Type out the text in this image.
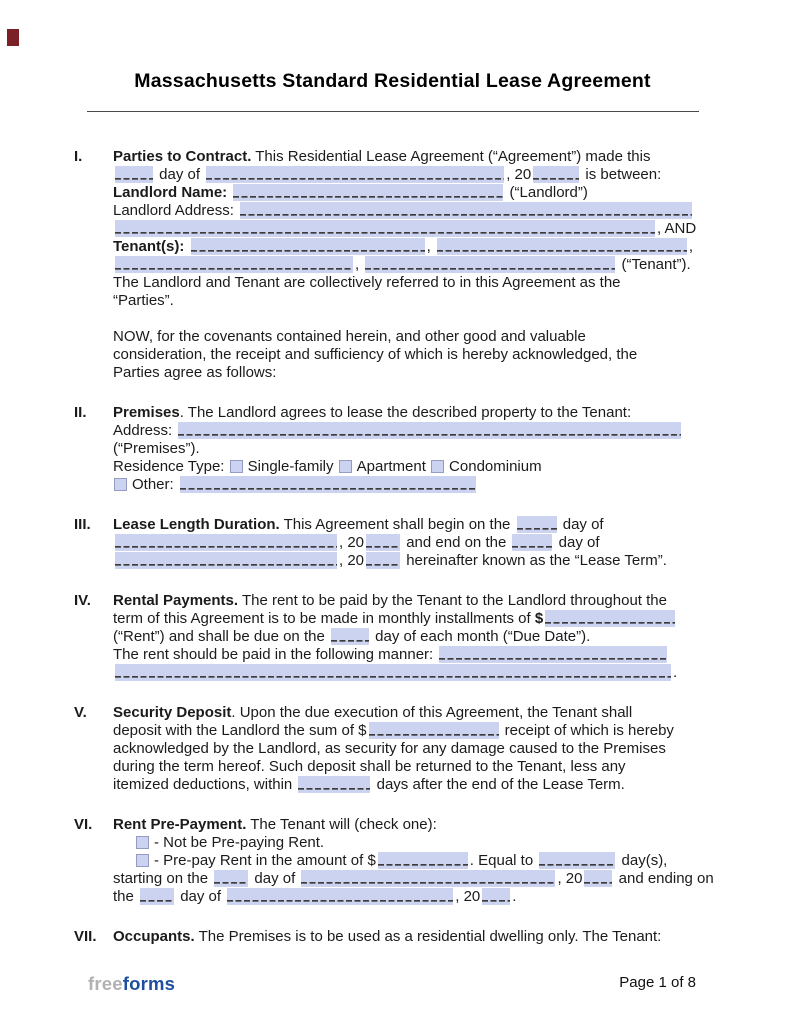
Massachusetts Standard Residential Lease Agreement
I.	Parties to Contract. This Residential Lease Agreement (“Agreement”) made this
day of	, 20	is between:
Landlord Name:	(“Landlord”)
Landlord Address:
, AND
Tenant(s):	,	,
,	(“Tenant”).
The Landlord and Tenant are collectively referred to in this Agreement as the
“Parties”.
NOW, for the covenants contained herein, and other good and valuable
consideration, the receipt and sufficiency of which is hereby acknowledged, the
Parties agree as follows:
II.	Premises. The Landlord agrees to lease the described property to the Tenant:
Address:
(“Premises”).
Residence Type: Single-family Apartment Condominium
Other:
III.	Lease Length Duration. This Agreement shall begin on the	day of
, 20	and end on the	day of
, 20	hereinafter known as the “Lease Term”.
IV.	Rental Payments. The rent to be paid by the Tenant to the Landlord throughout the
term of this Agreement is to be made in monthly installments of $
(“Rent”) and shall be due on the	day of each month (“Due Date”).
The rent should be paid in the following manner:
.
V.	Security Deposit. Upon the due execution of this Agreement, the Tenant shall
deposit with the Landlord the sum of $	receipt of which is hereby
acknowledged by the Landlord, as security for any damage caused to the Premises
during the term hereof. Such deposit shall be returned to the Tenant, less any
itemized deductions, within	days after the end of the Lease Term.
VI.	Rent Pre-Payment. The Tenant will (check one):
- Not be Pre-paying Rent.
- Pre-pay Rent in the amount of $	. Equal to	day(s),
starting on the	day of	, 20 and ending on
the	day of	, 20 .
VII.	Occupants. The Premises is to be used as a residential dwelling only. The Tenant:
freeforms	Page 1 of 8
